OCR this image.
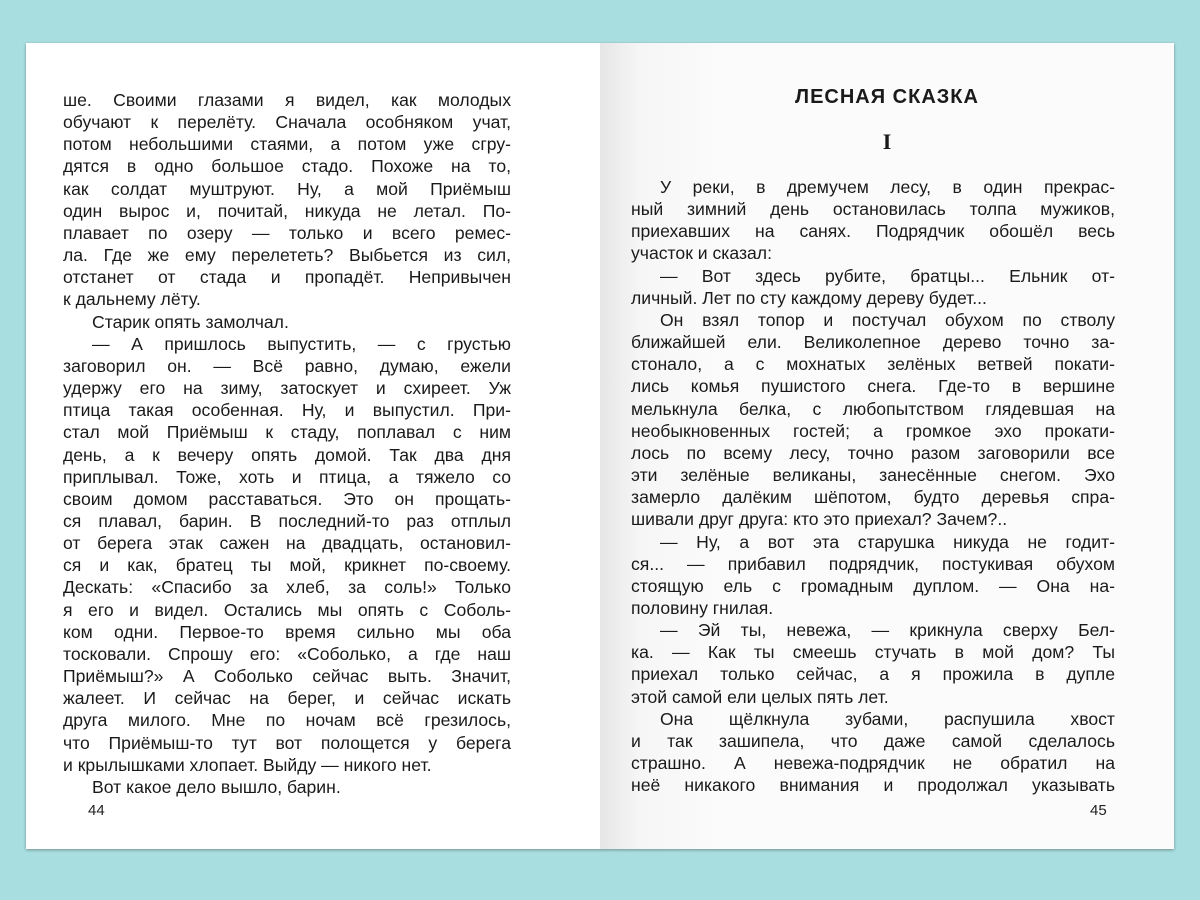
ше. Своими глазами я видел, как молодых
обучают к перелёту. Сначала особняком учат,
потом небольшими стаями, а потом уже сгру-
дятся в одно большое стадо. Похоже на то,
как солдат муштруют. Ну, а мой Приёмыш
один вырос и, почитай, никуда не летал. По-
плавает по озеру — только и всего ремес-
ла. Где же ему перелететь? Выбьется из сил,
отстанет от стада и пропадёт. Непривычен
к дальнему лёту.
Старик опять замолчал.
— А пришлось выпустить, — с грустью
заговорил он. — Всё равно, думаю, ежели
удержу его на зиму, затоскует и схиреет. Уж
птица такая особенная. Ну, и выпустил. При-
стал мой Приёмыш к стаду, поплавал с ним
день, а к вечеру опять домой. Так два дня
приплывал. Тоже, хоть и птица, а тяжело со
своим домом расставаться. Это он прощать-
ся плавал, барин. В последний-то раз отплыл
от берега этак сажен на двадцать, остановил-
ся и как, братец ты мой, крикнет по-своему.
Дескать: «Спасибо за хлеб, за соль!» Только
я его и видел. Остались мы опять с Соболь-
ком одни. Первое-то время сильно мы оба
тосковали. Спрошу его: «Соболько, а где наш
Приёмыш?» А Соболько сейчас выть. Значит,
жалеет. И сейчас на берег, и сейчас искать
друга милого. Мне по ночам всё грезилось,
что Приёмыш-то тут вот полощется у берега
и крылышками хлопает. Выйду — никого нет.
Вот какое дело вышло, барин.
ЛЕСНАЯ СКАЗКА
I
У реки, в дремучем лесу, в один прекрас-
ный зимний день остановилась толпа мужиков,
приехавших на санях. Подрядчик обошёл весь
участок и сказал:
— Вот здесь рубите, братцы... Ельник от-
личный. Лет по сту каждому дереву будет...
Он взял топор и постучал обухом по стволу
ближайшей ели. Великолепное дерево точно за-
стонало, а с мохнатых зелёных ветвей покати-
лись комья пушистого снега. Где-то в вершине
мелькнула белка, с любопытством глядевшая на
необыкновенных гостей; а громкое эхо прокати-
лось по всему лесу, точно разом заговорили все
эти зелёные великаны, занесённые снегом. Эхо
замерло далёким шёпотом, будто деревья спра-
шивали друг друга: кто это приехал? Зачем?..
— Ну, а вот эта старушка никуда не годит-
ся... — прибавил подрядчик, постукивая обухом
стоящую ель с громадным дуплом. — Она на-
половину гнилая.
— Эй ты, невежа, — крикнула сверху Бел-
ка. — Как ты смеешь стучать в мой дом? Ты
приехал только сейчас, а я прожила в дупле
этой самой ели целых пять лет.
Она щёлкнула зубами, распушила хвост
и так зашипела, что даже самой сделалось
страшно. А невежа-подрядчик не обратил на
неё никакого внимания и продолжал указывать
44	45
